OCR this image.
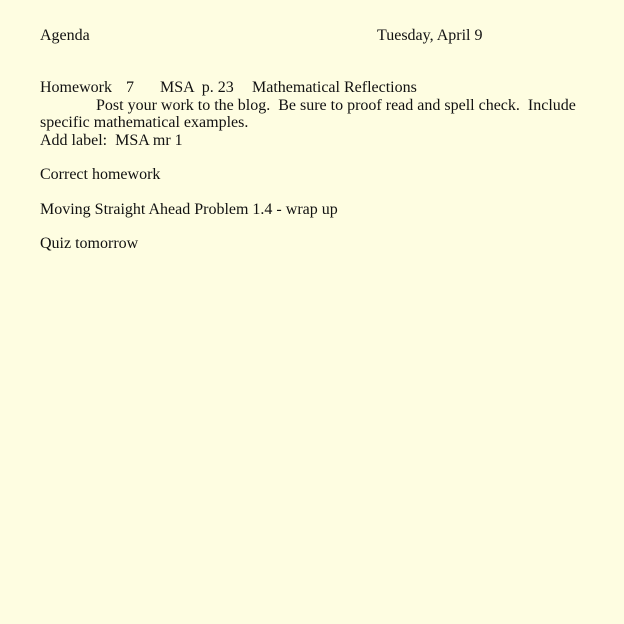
Agenda	Tuesday, April 9
Homework 7 MSA  p. 23 Mathematical Reflections
Post your work to the blog.  Be sure to proof read and spell check.  Include
specific mathematical examples.
Add label:  MSA mr 1
Correct homework
Moving Straight Ahead Problem 1.4 - wrap up
Quiz tomorrow
